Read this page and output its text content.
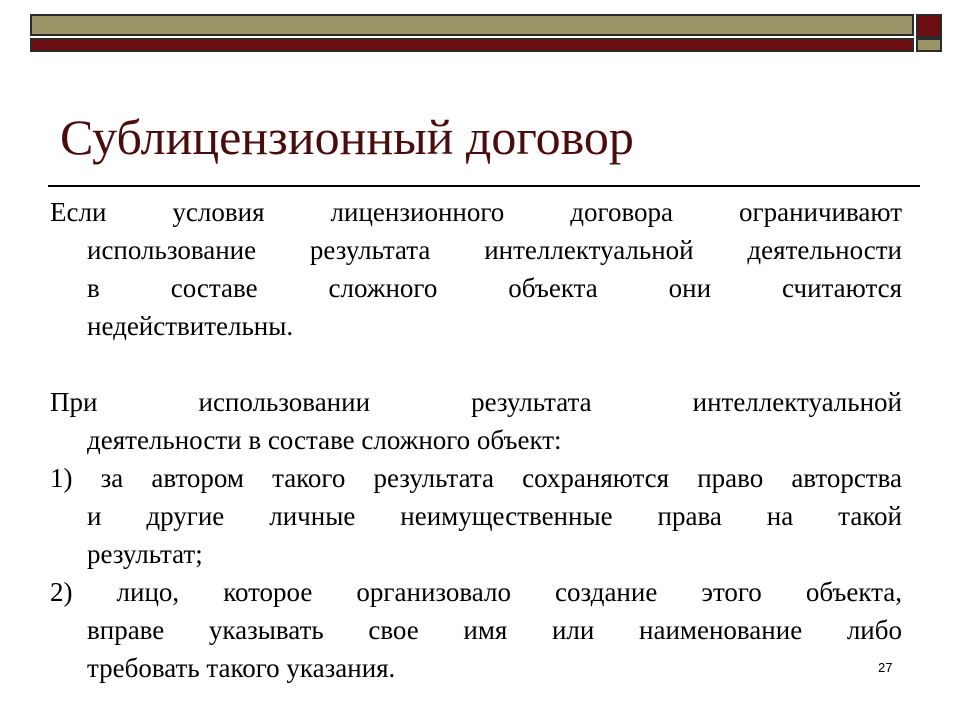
Сублицензионный договор
Если условия лицензионного договора ограничивают
использование результата интеллектуальной деятельности
в составе сложного объекта они считаются
недействительны.
При использовании результата интеллектуальной
деятельности в составе сложного объект:
1) за автором такого результата сохраняются право авторства
и другие личные неимущественные права на такой
результат;
2) лицо, которое организовало создание этого объекта,
вправе указывать свое имя или наименование либо
требовать такого указания.	27
